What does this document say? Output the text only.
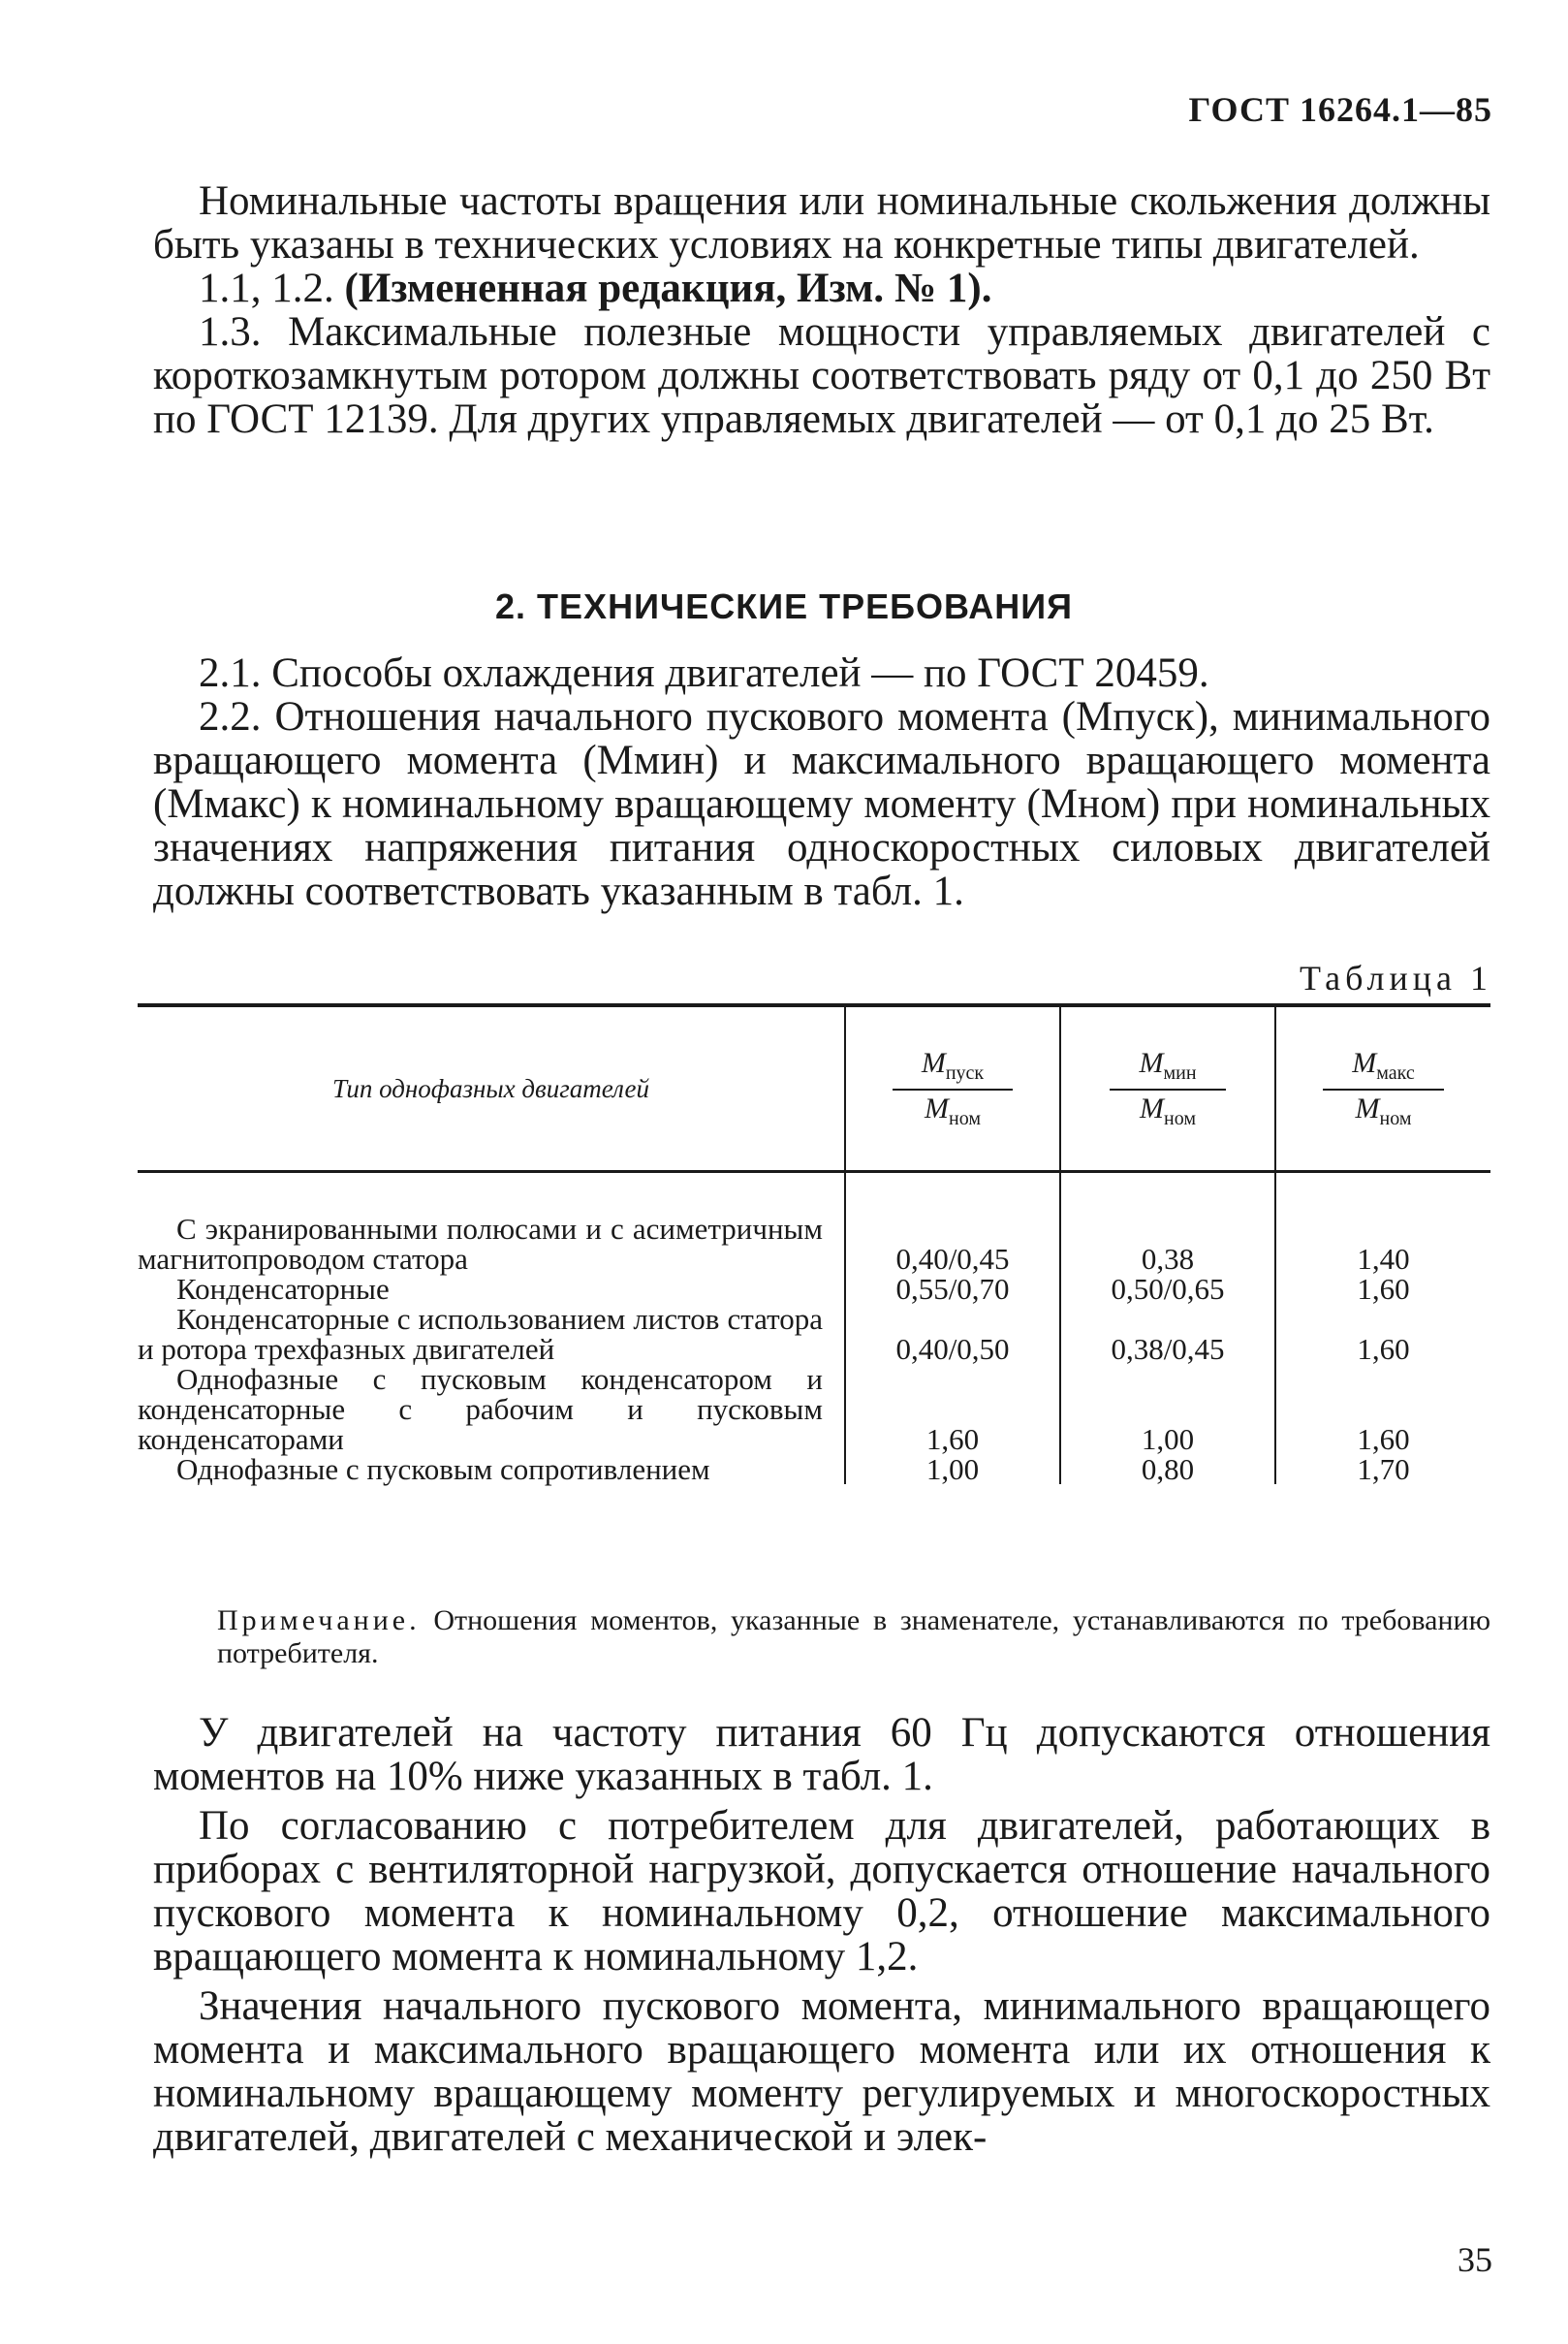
ГОСТ 16264.1—85

Номинальные частоты вращения или номинальные скольжения должны быть указаны в технических условиях на конкретные типы двигателей.

1.1, 1.2. (Измененная редакция, Изм. № 1).

1.3. Максимальные полезные мощности управляемых двигателей с короткозамкнутым ротором должны соответствовать ряду от 0,1 до 250 Вт по ГОСТ 12139. Для других управляемых двигателей — от 0,1 до 25 Вт.

2. ТЕХНИЧЕСКИЕ ТРЕБОВАНИЯ

2.1. Способы охлаждения двигателей — по ГОСТ 20459.

2.2. Отношения начального пускового момента (Mпуск), минимального вращающего момента (Mмин) и максимального вращающего момента (Mмакс) к номинальному вращающему моменту (Mном) при номинальных значениях напряжения питания односкоростных силовых двигателей должны соответствовать указанным в табл. 1.

Таблица 1
Тип однофазных двигателей	$\frac{M_{пуск}}{M_{ном}}$	$\frac{M_{мин}}{M_{ном}}$	$\frac{M_{макс}}{M_{ном}}$

С экранированными полюсами и с асиметричным магнитопроводом статора	0,40/0,45	0,38	1,40

Конденсаторные	0,55/0,70	0,50/0,65	1,60

Конденсаторные с использованием листов статора и ротора трехфазных двигателей	0,40/0,50	0,38/0,45	1,60

Однофазные с пусковым конденсатором и конденсаторные с рабочим и пусковым конденсаторами	1,60	1,00	1,60

Однофазные с пусковым сопротивлением	1,00	0,80	1,70
Примечание. Отношения моментов, указанные в знаменателе, устанавливаются по требованию потребителя.

У двигателей на частоту питания 60 Гц допускаются отношения моментов на 10% ниже указанных в табл. 1.

По согласованию с потребителем для двигателей, работающих в приборах с вентиляторной нагрузкой, допускается отношение начального пускового момента к номинальному 0,2, отношение максимального вращающего момента к номинальному 1,2.

Значения начального пускового момента, минимального вращающего момента и максимального вращающего момента или их отношения к номинальному вращающему моменту регулируемых и многоскоростных двигателей, двигателей с механической и элек-

35
